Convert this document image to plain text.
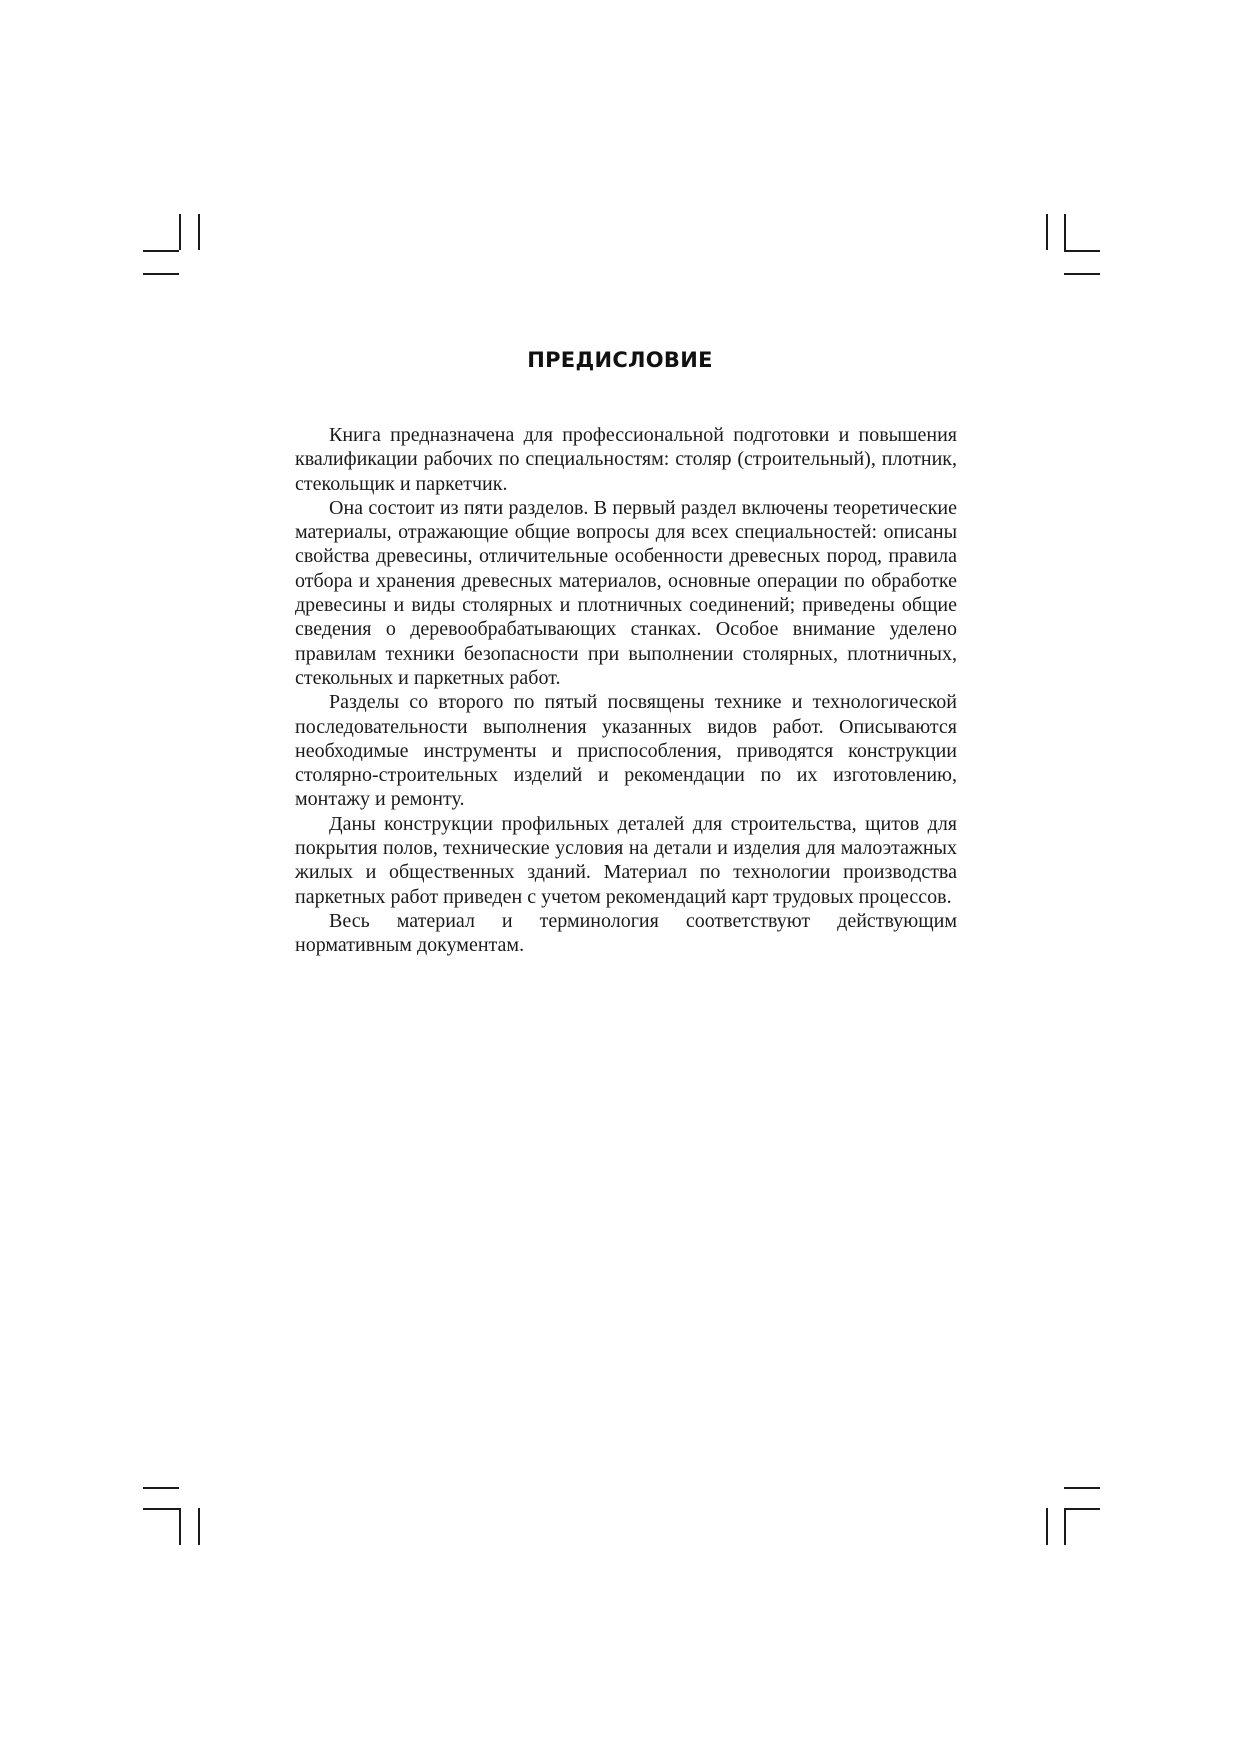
ПРЕДИСЛОВИЕ

Книга предназначена для профессиональной подготовки и повышения квалификации рабочих по специальностям: столяр (строительный), плотник, стекольщик и паркетчик.

Она состоит из пяти разделов. В первый раздел включены теоретические материалы, отражающие общие вопросы для всех специальностей: описаны свойства древесины, отличительные особенности древесных пород, правила отбора и хранения древесных материалов, основные операции по обработке древесины и виды столярных и плотничных соединений; приведены общие сведения о деревообрабатывающих станках. Особое внимание уделено правилам техники безопасности при выполнении столярных, плотничных, стекольных и паркетных работ.

Разделы со второго по пятый посвящены технике и технологической последовательности выполнения указанных видов работ. Описываются необходимые инструменты и приспособления, приводятся конструкции столярно-строительных изделий и рекомендации по их изготовлению, монтажу и ремонту.

Даны конструкции профильных деталей для строительства, щитов для покрытия полов, технические условия на детали и изделия для малоэтажных жилых и общественных зданий. Материал по технологии производства паркетных работ приведен с учетом рекомендаций карт трудовых процессов.

Весь материал и терминология соответствуют действующим нормативным документам.
